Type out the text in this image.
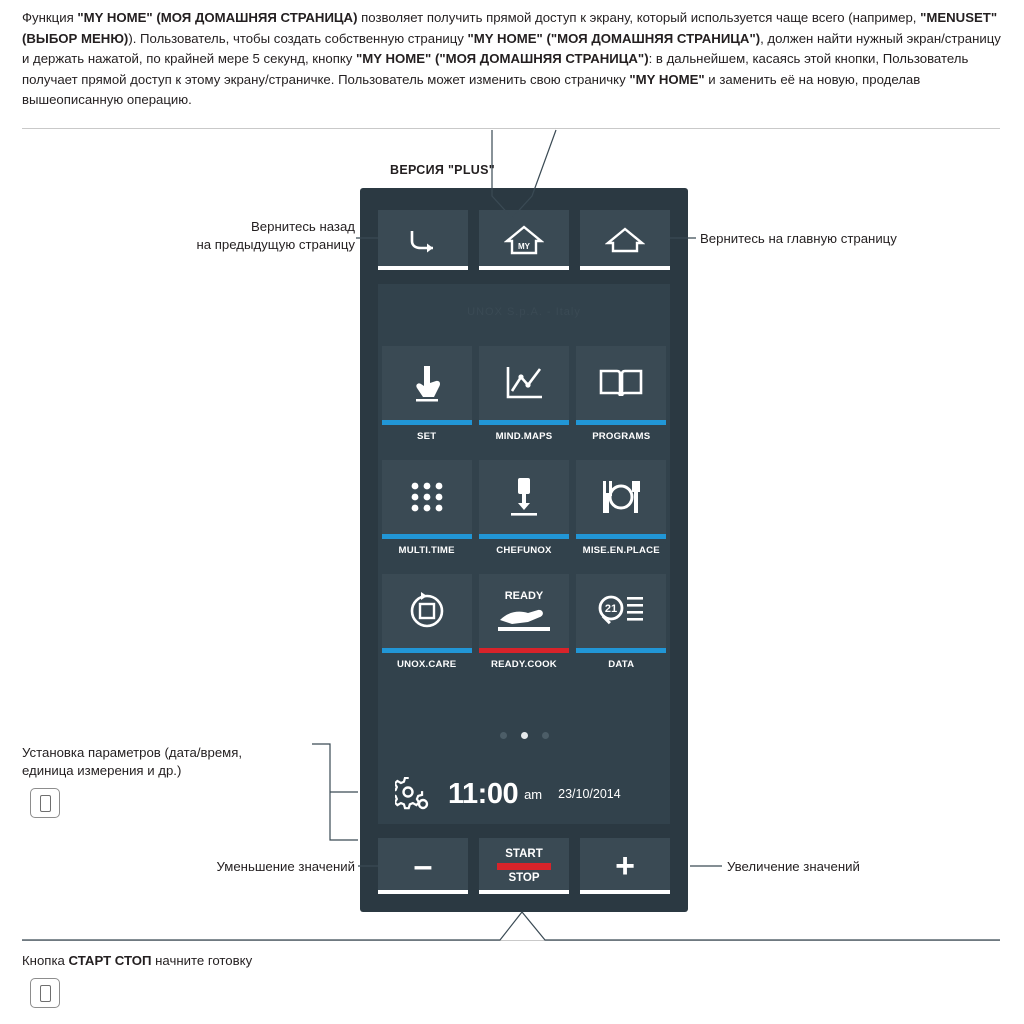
Функция "MY HOME" (МОЯ ДОМАШНЯЯ СТРАНИЦА) позволяет получить прямой доступ к экрану, который используется чаще всего (например, "MENUSET" (ВЫБОР МЕНЮ)). Пользователь, чтобы создать собственную страницу "MY HOME" ("МОЯ ДОМАШНЯЯ СТРАНИЦА"), должен найти нужный экран/страницу и держать нажатой, по крайней мере 5 секунд, кнопку "MY HOME" ("МОЯ ДОМАШНЯЯ СТРАНИЦА"): в дальнейшем, касаясь этой кнопки, Пользователь получает прямой доступ к этому экрану/страничке. Пользователь может изменить свою страничку "MY HOME" и заменить её на новую, проделав вышеописанную операцию.
ВЕРСИЯ "PLUS"
MY
UNOX S.p.A. - Italy
SET	MIND.MAPS	PROGRAMS
MULTI.TIME	CHEFUNOX	MISE.EN.PLACE
UNOX.CARE
READY
READY.COOK
21
DATA
11:00 am 23/10/2014
–	START
STOP +
Вернитесь назад
на предыдущую страницу	Вернитесь на главную страницу
Установка параметров (дата/время,
единица измерения и др.)
Уменьшение значений	Увеличение значений
Кнопка СТАРТ СТОП начните готовку
